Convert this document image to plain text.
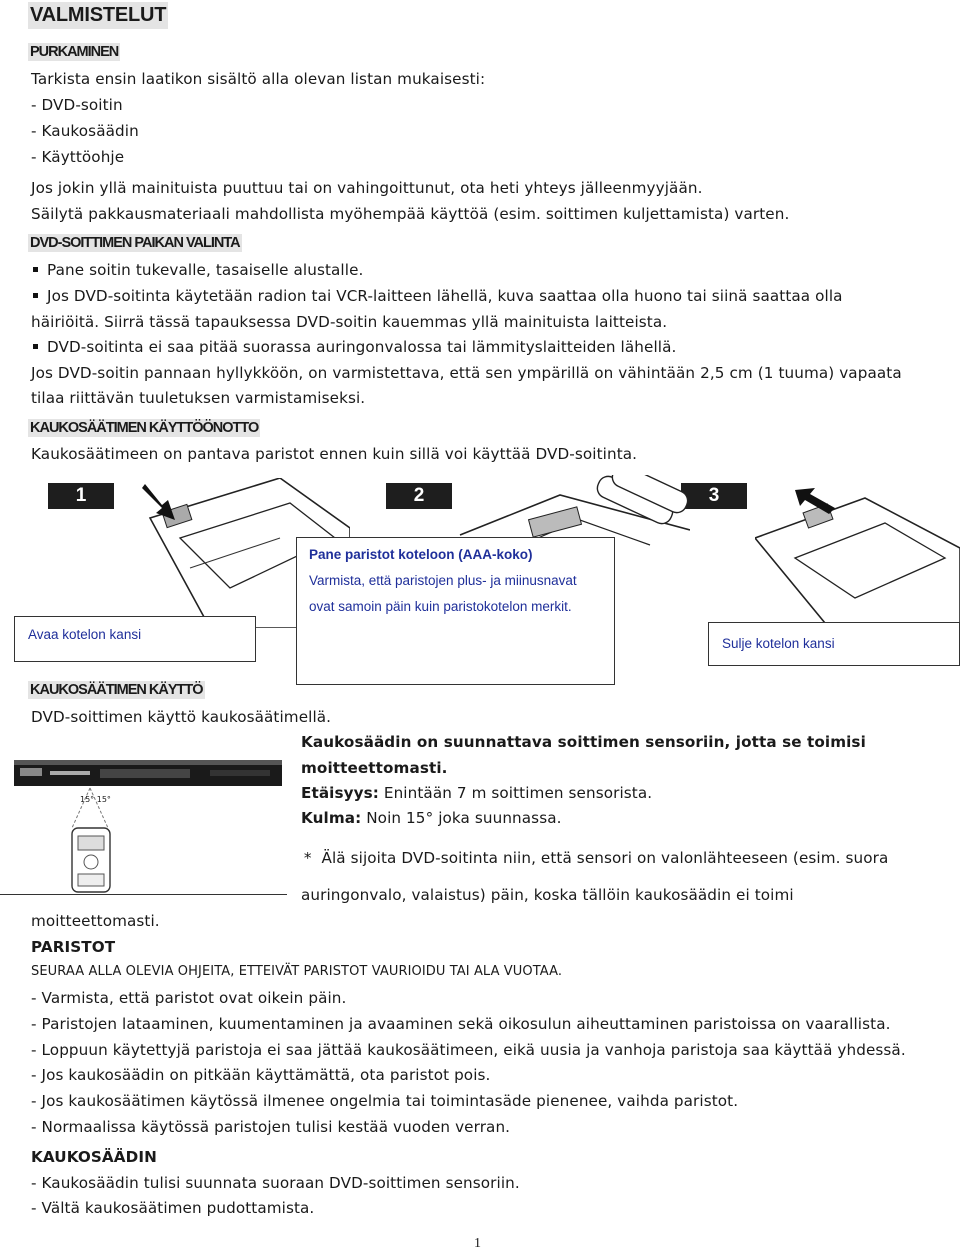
VALMISTELUT
PURKAMINEN
Tarkista ensin laatikon sisältö alla olevan listan mukaisesti:
- DVD-soitin
- Kaukosäädin
- Käyttöohje
Jos jokin yllä mainituista puuttuu tai on vahingoittunut, ota heti yhteys jälleenmyyjään.
Säilytä pakkausmateriaali mahdollista myöhempää käyttöä (esim. soittimen kuljettamista) varten.
DVD-SOITTIMEN PAIKAN VALINTA
Pane soitin tukevalle, tasaiselle alustalle.
Jos DVD-soitinta käytetään radion tai VCR-laitteen lähellä, kuva saattaa olla huono tai siinä saattaa olla
häiriöitä. Siirrä tässä tapauksessa DVD-soitin kauemmas yllä mainituista laitteista.
DVD-soitinta ei saa pitää suorassa auringonvalossa tai lämmityslaitteiden lähellä.
Jos DVD-soitin pannaan hyllykköön, on varmistettava, että sen ympärillä on vähintään 2,5 cm (1 tuuma) vapaata
tilaa riittävän tuuletuksen varmistamiseksi.
KAUKOSÄÄTIMEN KÄYTTÖÖNOTTO
Kaukosäätimeen on pantava paristot ennen kuin sillä voi käyttää DVD-soitinta.
1	2	3
Avaa kotelon kansi
Pane paristot koteloon (AAA-koko)
Varmista, että paristojen plus- ja miinusnavat
ovat samoin päin kuin paristokotelon merkit.
Sulje kotelon kansi
KAUKOSÄÄTIMEN KÄYTTÖ
DVD-soittimen käyttö kaukosäätimellä.
15° 15°
Kaukosäädin on suunnattava soittimen sensoriin, jotta se toimisi
moitteettomasti.
Etäisyys: Enintään 7 m soittimen sensorista.
Kulma: Noin 15° joka suunnassa.
*  Älä sijoita DVD-soitinta niin, että sensori on valonlähteeseen (esim. suora
auringonvalo, valaistus) päin, koska tällöin kaukosäädin ei toimi
moitteettomasti.
PARISTOT
SEURAA ALLA OLEVIA OHJEITA, ETTEIVÄT PARISTOT VAURIOIDU TAI ALA VUOTAA.
- Varmista, että paristot ovat oikein päin.
- Paristojen lataaminen, kuumentaminen ja avaaminen sekä oikosulun aiheuttaminen paristoissa on vaarallista.
- Loppuun käytettyjä paristoja ei saa jättää kaukosäätimeen, eikä uusia ja vanhoja paristoja saa käyttää yhdessä.
- Jos kaukosäädin on pitkään käyttämättä, ota paristot pois.
- Jos kaukosäätimen käytössä ilmenee ongelmia tai toimintasäde pienenee, vaihda paristot.
- Normaalissa käytössä paristojen tulisi kestää vuoden verran.
KAUKOSÄÄDIN
- Kaukosäädin tulisi suunnata suoraan DVD-soittimen sensoriin.
- Vältä kaukosäätimen pudottamista.
1
